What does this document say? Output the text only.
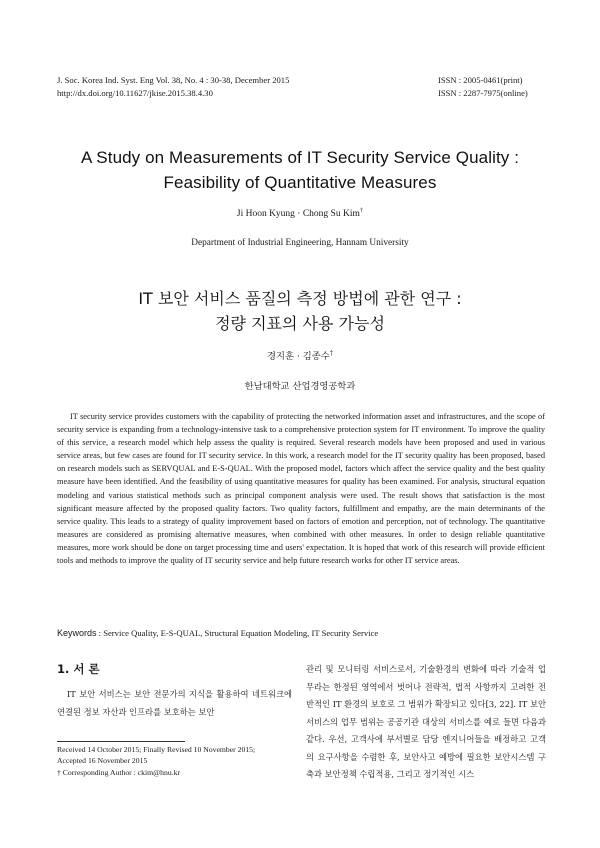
J. Soc. Korea Ind. Syst. Eng Vol. 38, No. 4 : 30-38, December 2015
http://dx.doi.org/10.11627/jkise.2015.38.4.30
ISSN : 2005-0461(print)
ISSN : 2287-7975(online)
A Study on Measurements of IT Security Service Quality :
Feasibility of Quantitative Measures
Ji Hoon Kyung · Chong Su Kim†
Department of Industrial Engineering, Hannam University
IT 보안 서비스 품질의 측정 방법에 관한 연구 :
정량 지표의 사용 가능성
경지훈 · 김종수†
한남대학교 산업경영공학과
IT security service provides customers with the capability of protecting the networked information asset and infrastructures, and the scope of security service is expanding from a technology-intensive task to a comprehensive protection system for IT environment. To improve the quality of this service, a research model which help assess the quality is required. Several research models have been proposed and used in various service areas, but few cases are found for IT security service. In this work, a research model for the IT security quality has been proposed, based on research models such as SERVQUAL and E-S-QUAL. With the proposed model, factors which affect the service quality and the best quality measure have been identified. And the feasibility of using quantitative measures for quality has been examined. For analysis, structural equation modeling and various statistical methods such as principal component analysis were used. The result shows that satisfaction is the most significant measure affected by the proposed quality factors. Two quality factors, fulfillment and empathy, are the main determinants of the service quality. This leads to a strategy of quality improvement based on factors of emotion and perception, not of technology. The quantitative measures are considered as promising alternative measures, when combined with other measures. In order to design reliable quantitative measures, more work should be done on target processing time and users' expectation. It is hoped that work of this research will provide efficient tools and methods to improve the quality of IT security service and help future research works for other IT service areas.
Keywords : Service Quality, E-S-QUAL, Structural Equation Modeling, IT Security Service
1. 서 론
IT 보안 서비스는 보안 전문가의 지식을 활용하여 네트워크에 연결된 정보 자산과 인프라를 보호하는 보안
Received 14 October 2015; Finally Revised 10 November 2015;
Accepted 16 November 2015
† Corresponding Author : ckim@hnu.kr
관리 및 모니터링 서비스로서, 기술환경의 변화에 따라 기술적 업무라는 한정된 영역에서 벗어나 전략적, 법적 사항까지 고려한 전반적인 IT 환경의 보호로 그 범위가 확장되고 있다[3, 22]. IT 보안 서비스의 업무 범위는 공공기관 대상의 서비스를 예로 들면 다음과 같다. 우선, 고객사에 부서별로 담당 엔지니어들을 배정하고 고객의 요구사항을 수렴한 후, 보안사고 예방에 필요한 보안시스템 구축과 보안정책 수립적용, 그리고 정기적인 시스
